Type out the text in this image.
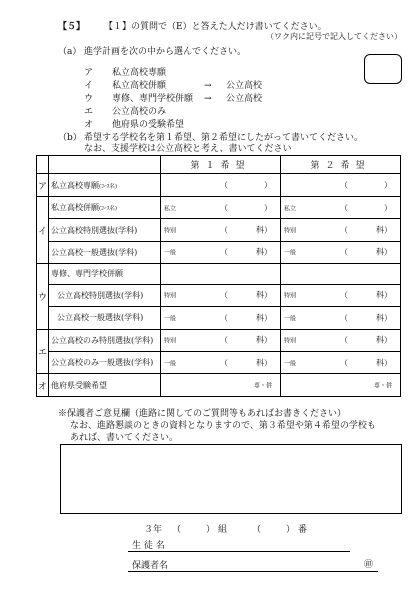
【５】 【１】の質問で（E）と答えた人だけ書いてください。
（ワク内に記号で記入してください）
（a） 進学計画を次の中から選んでください。
ア 私立高校専願
イ 私立高校併願	→ 公立高校
ウ 専修、専門学校併願 → 公立高校
エ 公立高校のみ
オ 他府県の受験希望
（b） 希望する学校名を第１希望、第２希望にしたがって書いてください。
なお、支援学校は公立高校と考え、書いてください
		第１希望	第２希望
ア	私立高校専願(ｺｰｽ名)	（ ）	（ ）

イ	私立高校併願(ｺｰｽ名)	私立 （ ）	私立 （ ）

	公立高校特別選抜(学科)	特別 （ 科）	特別 （ 科）

	公立高校一般選抜(学科)	一般 （ 科）	一般 （ 科）

ウ	専修、専門学校併願		
	公立高校特別選抜(学科)	特別 （ 科）	特別 （ 科）

	公立高校一般選抜(学科)	一般 （ 科）	一般 （ 科）

エ	公立高校のみ特別選抜(学科)	特別 （ 科）	特別 （ 科）

	公立高校のみ一般選抜(学科)	一般 （ 科）	一般 （ 科）

オ	他府県受験希望	専・併	専・併
※保護者ご意見欄（進路に関してのご質問等もあればお書きください）
なお、進路懇談のときの資料となりますので、第３希望や第４希望の学校も
あれば、書いてください。
３年 （	） 組	（	） 番
生 徒 名
保護者名	㊞
